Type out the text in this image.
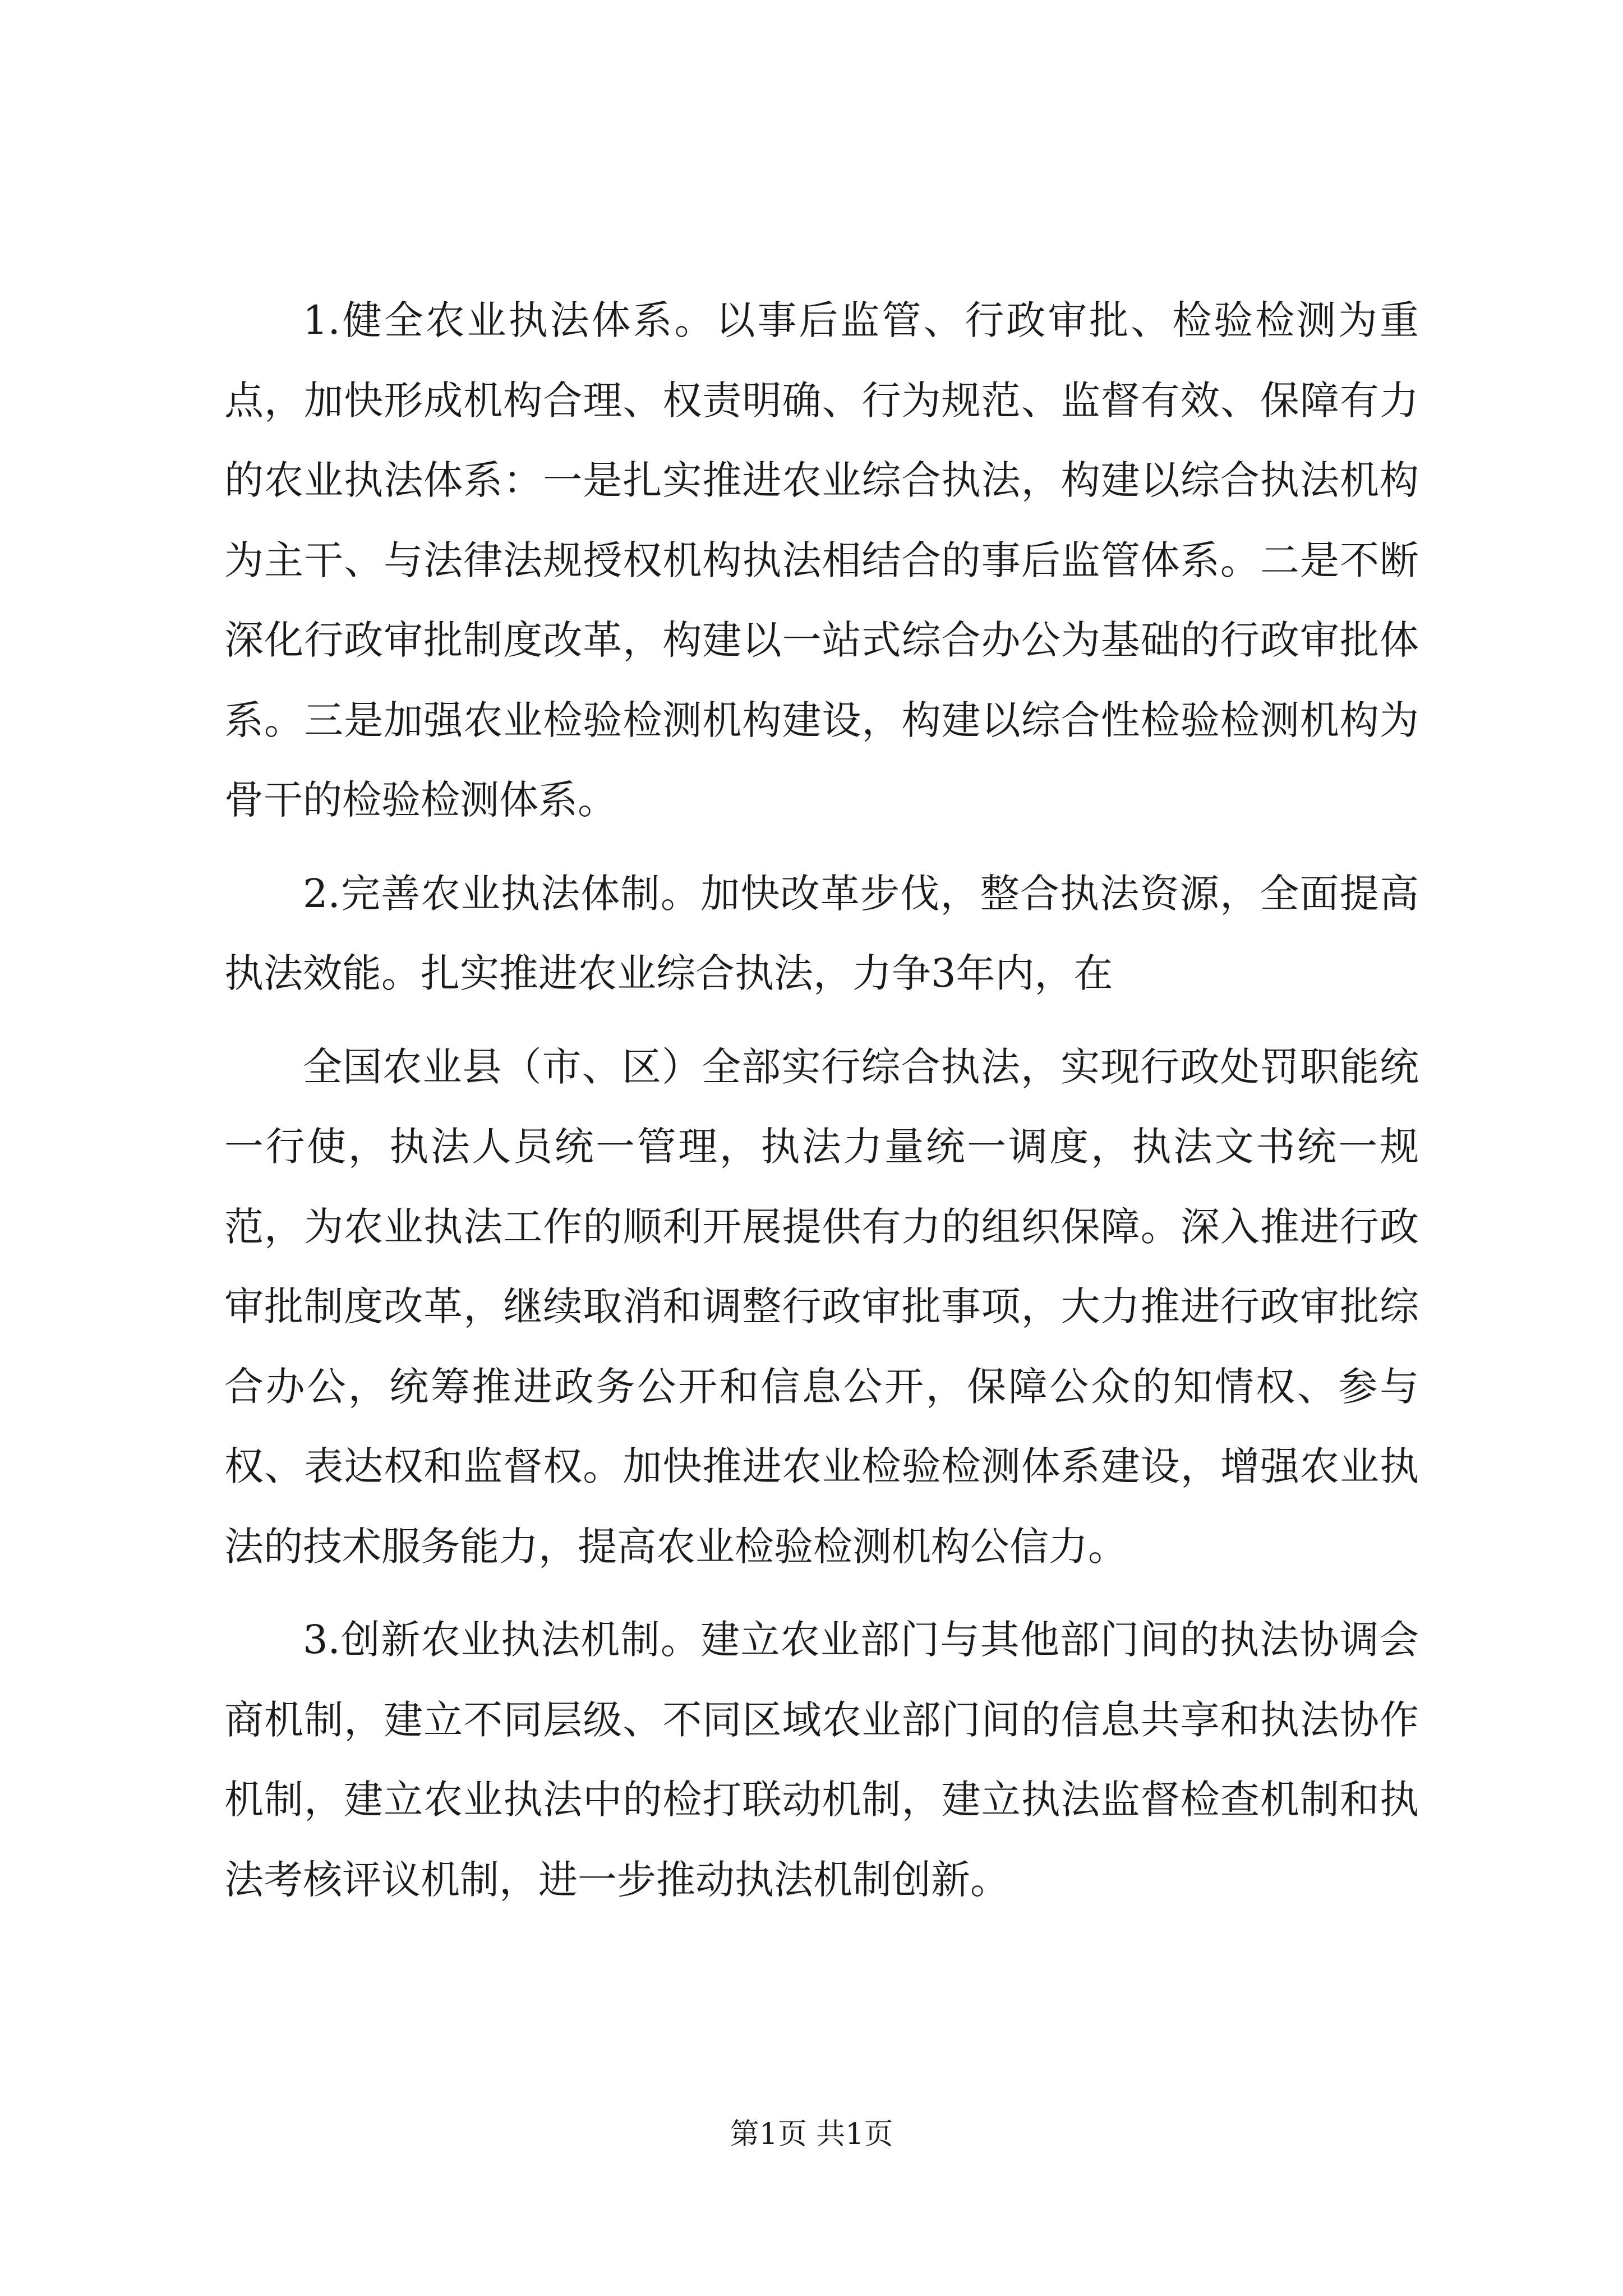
1.健全农业执法体系。以事后监管、行政审批、检验检测为重点，加快形成机构合理、权责明确、行为规范、监督有效、保障有力的农业执法体系：一是扎实推进农业综合执法，构建以综合执法机构为主干、与法律法规授权机构执法相结合的事后监管体系。二是不断深化行政审批制度改革，构建以一站式综合办公为基础的行政审批体系。三是加强农业检验检测机构建设，构建以综合性检验检测机构为骨干的检验检测体系。

2.完善农业执法体制。加快改革步伐，整合执法资源，全面提高执法效能。扎实推进农业综合执法，力争3年内，在

全国农业县（市、区）全部实行综合执法，实现行政处罚职能统一行使，执法人员统一管理，执法力量统一调度，执法文书统一规范，为农业执法工作的顺利开展提供有力的组织保障。深入推进行政审批制度改革，继续取消和调整行政审批事项，大力推进行政审批综合办公，统筹推进政务公开和信息公开，保障公众的知情权、参与权、表达权和监督权。加快推进农业检验检测体系建设，增强农业执法的技术服务能力，提高农业检验检测机构公信力。

3.创新农业执法机制。建立农业部门与其他部门间的执法协调会商机制，建立不同层级、不同区域农业部门间的信息共享和执法协作机制，建立农业执法中的检打联动机制，建立执法监督检查机制和执法考核评议机制，进一步推动执法机制创新。

第1页 共1页
